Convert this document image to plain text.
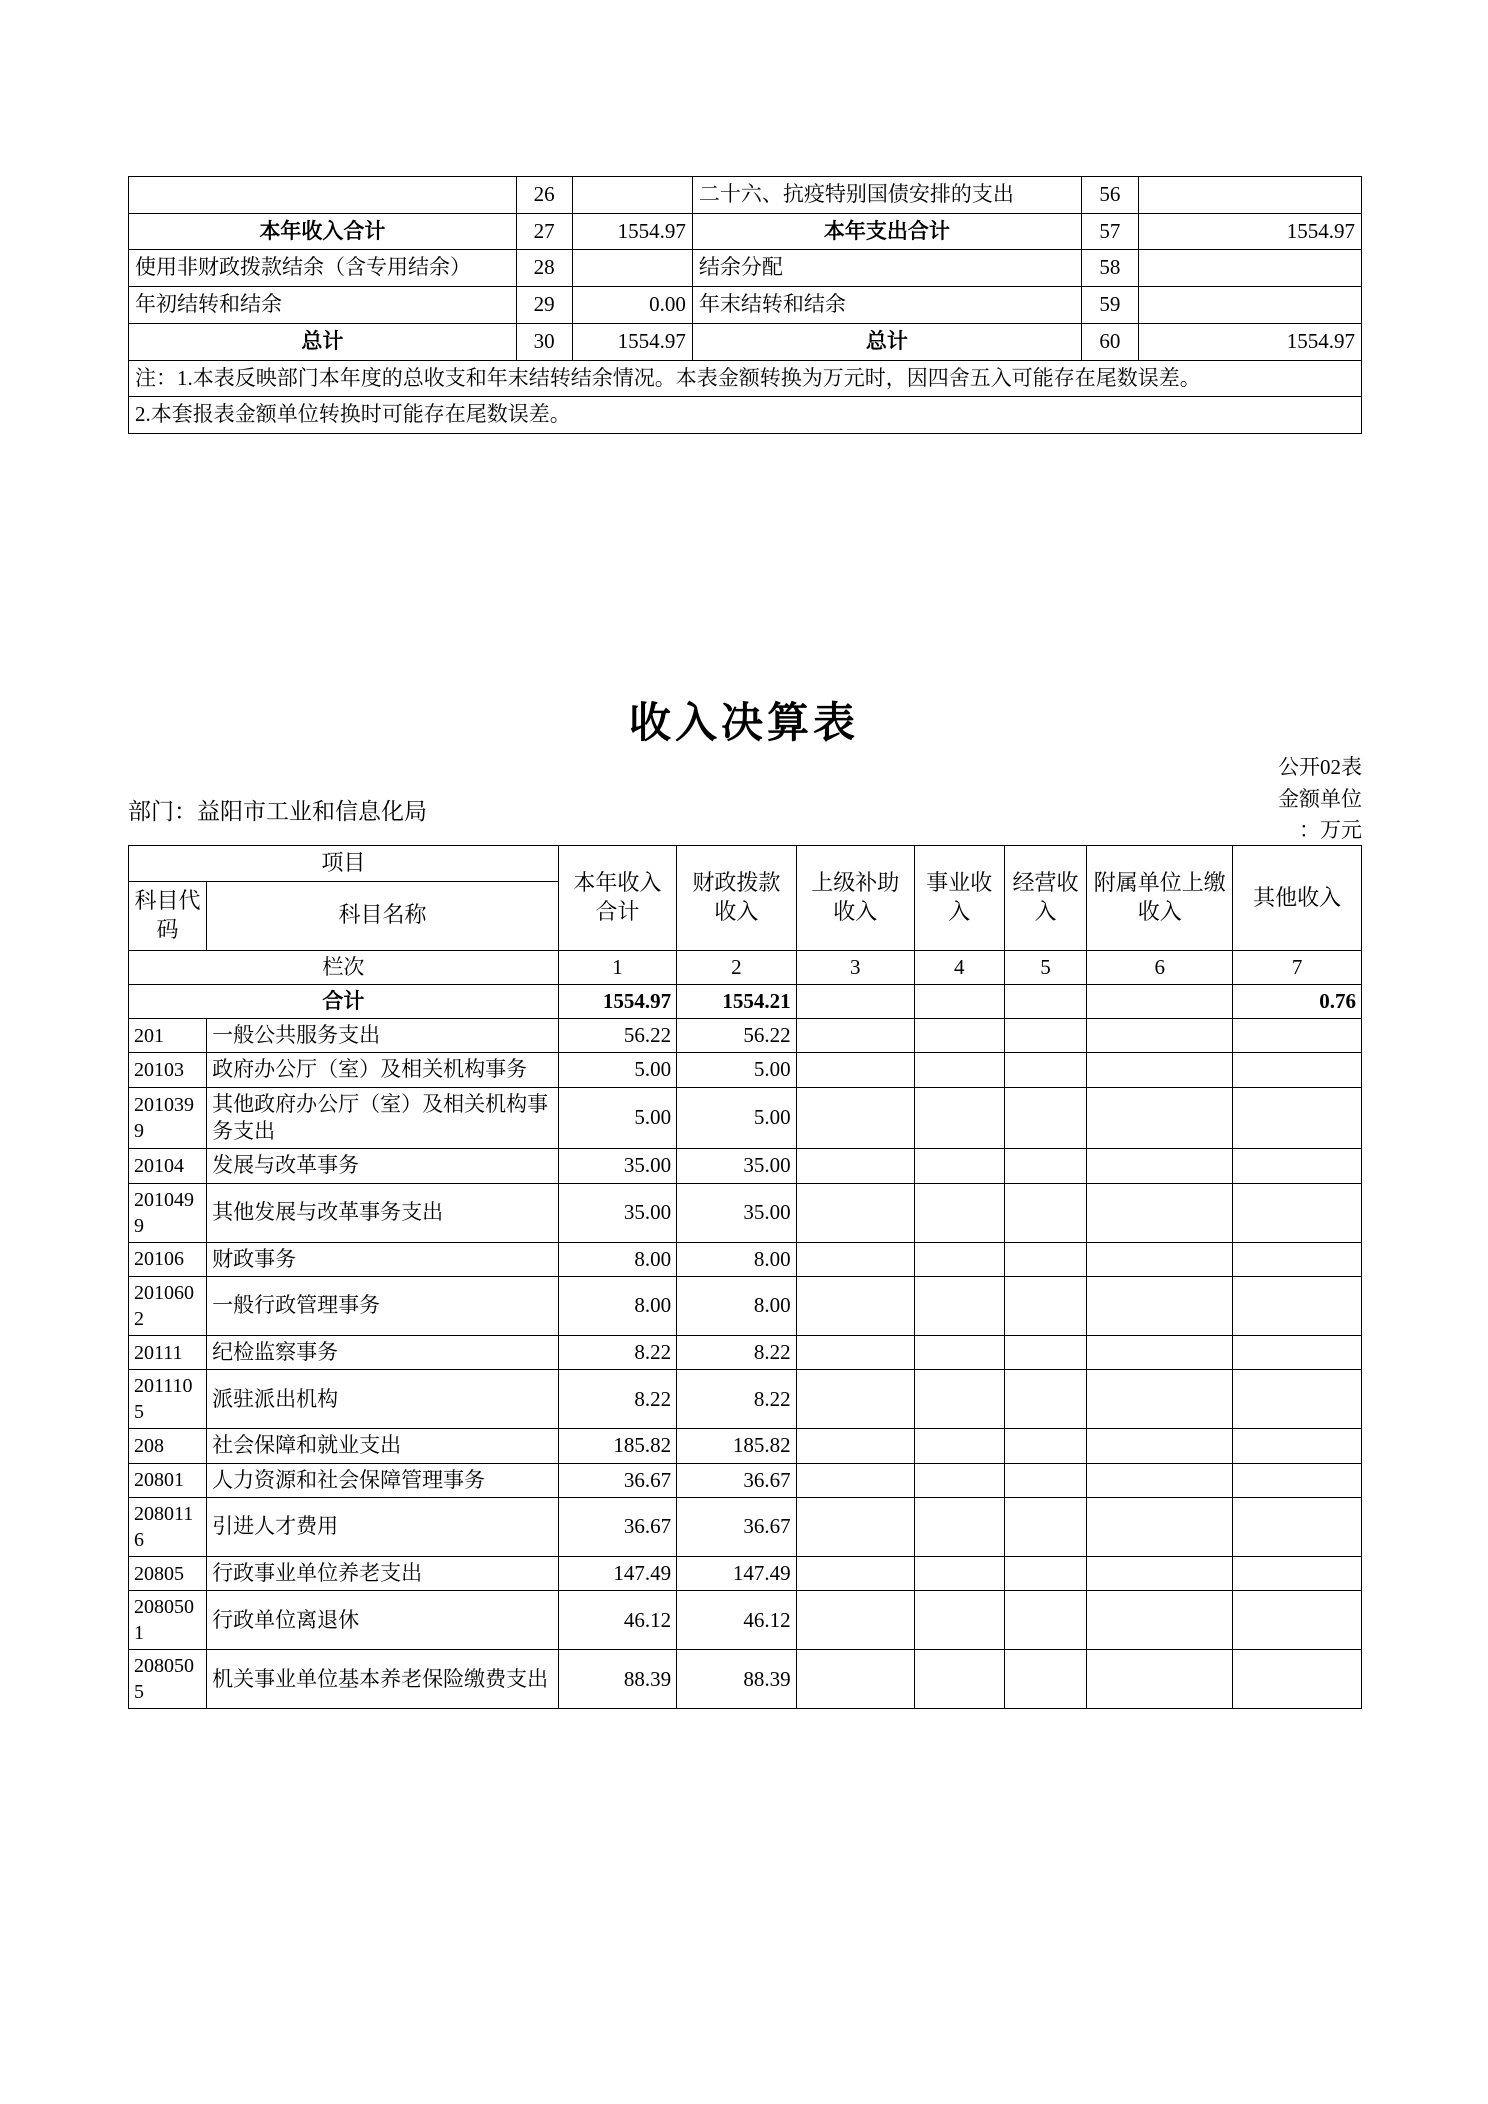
	26		二十六、抗疫特别国债安排的支出	56	
本年收入合计	27	1554.97	本年支出合计	57	1554.97
使用非财政拨款结余（含专用结余）	28		结余分配	58	
年初结转和结余	29	0.00	年末结转和结余	59	
总计	30	1554.97	总计	60	1554.97
注：1.本表反映部门本年度的总收支和年末结转结余情况。本表金额转换为万元时，因四舍五入可能存在尾数误差。					
2.本套报表金额单位转换时可能存在尾数误差。					
收入决算表
公开02表
金额单位
：万元
部门：益阳市工业和信息化局
项目		本年收入合计	财政拨款收入	上级补助收入	事业收入	经营收入	附属单位上缴收入	其他收入
科目代码	科目名称							
栏次		1	2	3	4	5	6	7
合计		1554.97	1554.21					0.76
201	一般公共服务支出	56.22	56.22					
20103	政府办公厅（室）及相关机构事务	5.00	5.00					
2010399	其他政府办公厅（室）及相关机构事务支出	5.00	5.00					
20104	发展与改革事务	35.00	35.00					
2010499	其他发展与改革事务支出	35.00	35.00					
20106	财政事务	8.00	8.00					
2010602	一般行政管理事务	8.00	8.00					
20111	纪检监察事务	8.22	8.22					
2011105	派驻派出机构	8.22	8.22					
208	社会保障和就业支出	185.82	185.82					
20801	人力资源和社会保障管理事务	36.67	36.67					
2080116	引进人才费用	36.67	36.67					
20805	行政事业单位养老支出	147.49	147.49					
2080501	行政单位离退休	46.12	46.12					
2080505	机关事业单位基本养老保险缴费支出	88.39	88.39					
